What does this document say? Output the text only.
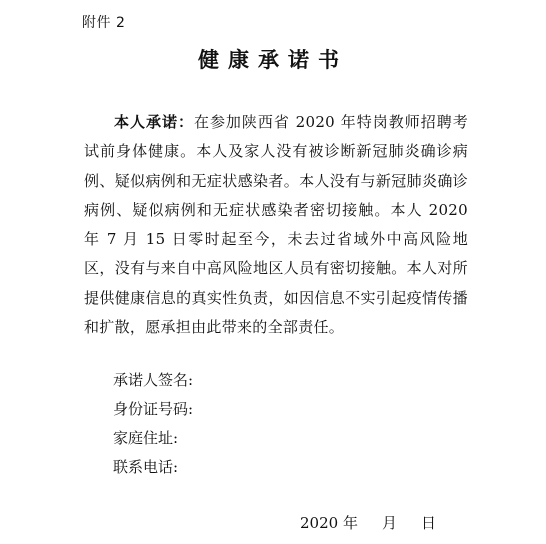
附件 2
健康承诺书
本人承诺：在参加陕西省 2020 年特岗教师招聘考试前身体健康。本人及家人没有被诊断新冠肺炎确诊病例、疑似病例和无症状感染者。本人没有与新冠肺炎确诊病例、疑似病例和无症状感染者密切接触。本人 2020 年 7 月 15 日零时起至今，未去过省域外中高风险地区，没有与来自中高风险地区人员有密切接触。本人对所提供健康信息的真实性负责，如因信息不实引起疫情传播和扩散，愿承担由此带来的全部责任。
承诺人签名:
身份证号码:
家庭住址:
联系电话:
2020 年 月 日
